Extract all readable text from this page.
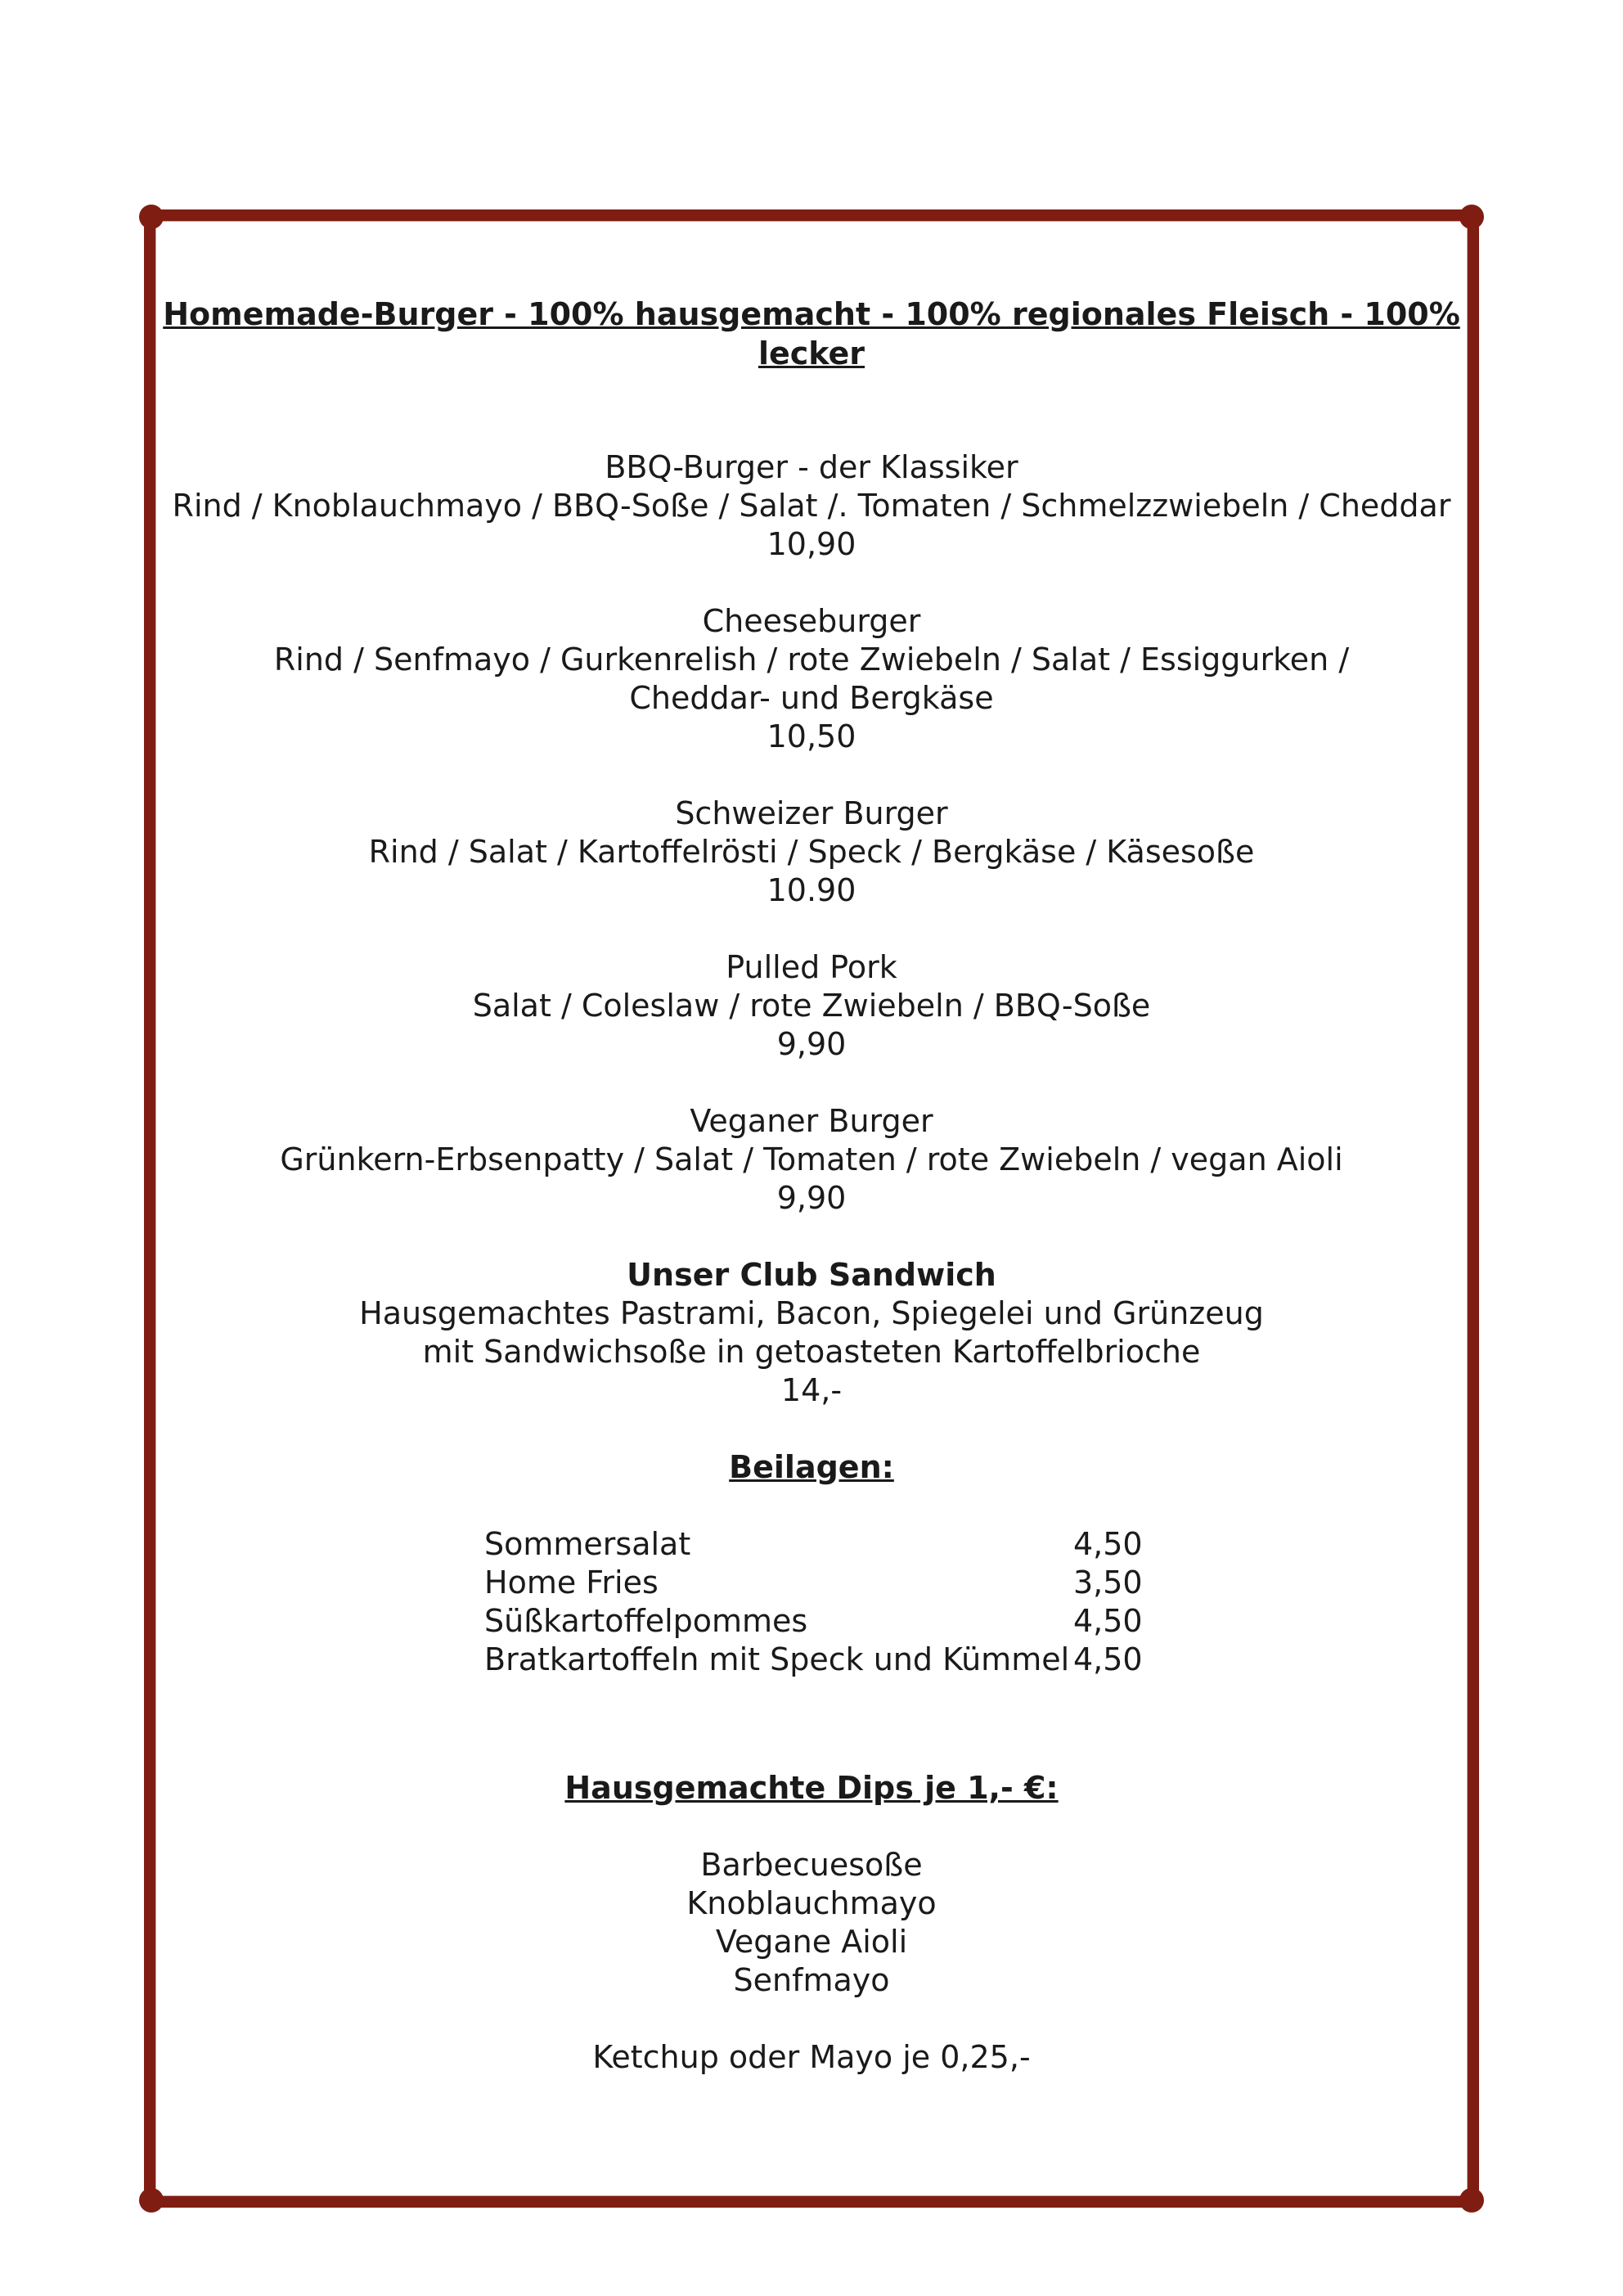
Homemade-Burger - 100% hausgemacht - 100% regionales Fleisch - 100% lecker
BBQ-Burger - der Klassiker
Rind / Knoblauchmayo / BBQ-Soße / Salat /. Tomaten / Schmelzzwiebeln / Cheddar
10,90
Cheeseburger
Rind / Senfmayo / Gurkenrelish / rote Zwiebeln / Salat / Essiggurken / Cheddar- und Bergkäse
10,50
Schweizer Burger
Rind / Salat / Kartoffelrösti / Speck / Bergkäse / Käsesoße
10.90
Pulled Pork
Salat / Coleslaw / rote Zwiebeln / BBQ-Soße
9,90
Veganer Burger
Grünkern-Erbsenpatty / Salat / Tomaten / rote Zwiebeln / vegan Aioli
9,90
Unser Club Sandwich
Hausgemachtes Pastrami, Bacon, Spiegelei und Grünzeug
mit Sandwichsoße in getoasteten Kartoffelbrioche
14,-
Beilagen:
Sommersalat	4,50
Home Fries	3,50
Süßkartoffelpommes	4,50
Bratkartoffeln mit Speck und Kümmel 4,50
Hausgemachte Dips je 1,- €:
Barbecuesoße
Knoblauchmayo
Vegane Aioli
Senfmayo
Ketchup oder Mayo je 0,25,-
